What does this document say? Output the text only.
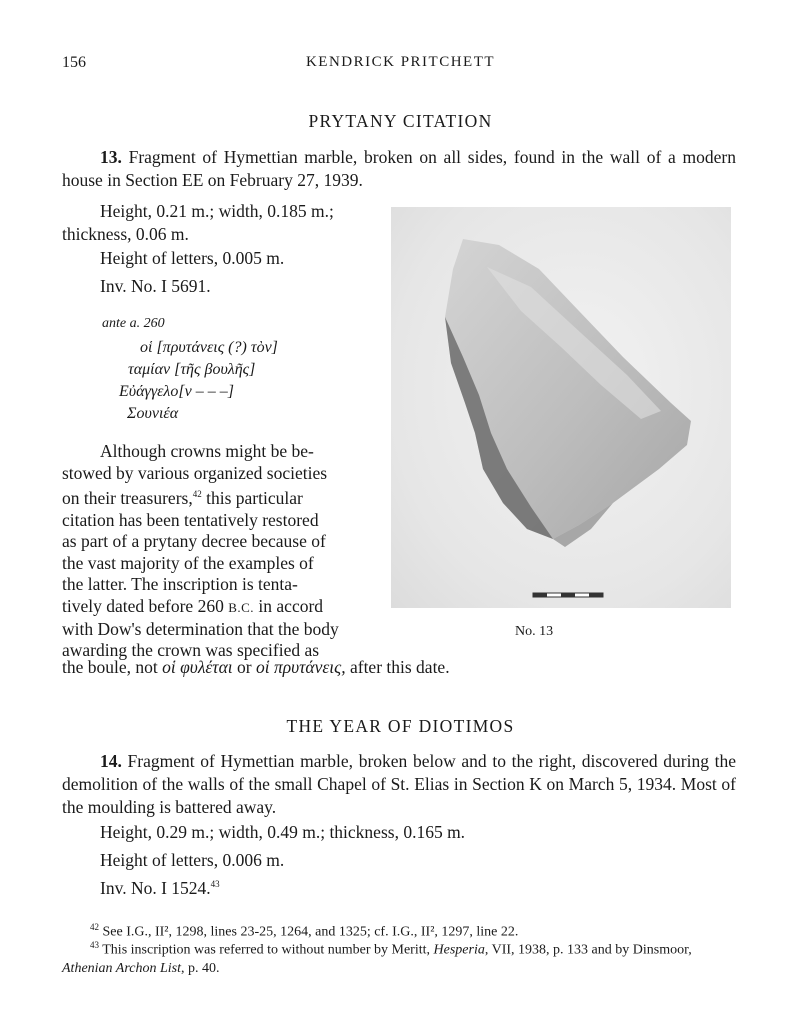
156	KENDRICK PRITCHETT
PRYTANY CITATION
13. Fragment of Hymettian marble, broken on all sides, found in the wall of a modern house in Section EE on February 27, 1939.
Height, 0.21 m.; width, 0.185 m.; thickness, 0.06 m.
Height of letters, 0.005 m.
Inv. No. I 5691.
ante a. 260
οἱ [πρυτάνεις (?) τὸν]
ταμίαν [τῆς βουλῆς]
Εὐάγγελο[ν – – –]
Σουνιέα
Although crowns might be be-
stowed by various organized societies
on their treasurers,$^{42}$ this particular
citation has been tentatively restored
as part of a prytany decree because of
the vast majority of the examples of
the latter. The inscription is tenta-
tively dated before 260 B.C. in accord
with Dow's determination that the body
awarding the crown was specified as
the boule, not οἱ φυλέται or οἱ πρυτάνεις, after this date.
No. 13
THE YEAR OF DIOTIMOS
14. Fragment of Hymettian marble, broken below and to the right, discovered during the demolition of the walls of the small Chapel of St. Elias in Section K on March 5, 1934. Most of the moulding is battered away.
Height, 0.29 m.; width, 0.49 m.; thickness, 0.165 m.
Height of letters, 0.006 m.
Inv. No. I 1524.43
$^{42}$ See I.G., II², 1298, lines 23-25, 1264, and 1325; cf. I.G., II², 1297, line 22.
$^{43}$ This inscription was referred to without number by Meritt, Hesperia, VII, 1938, p. 133 and by Dinsmoor, Athenian Archon List, p. 40.
